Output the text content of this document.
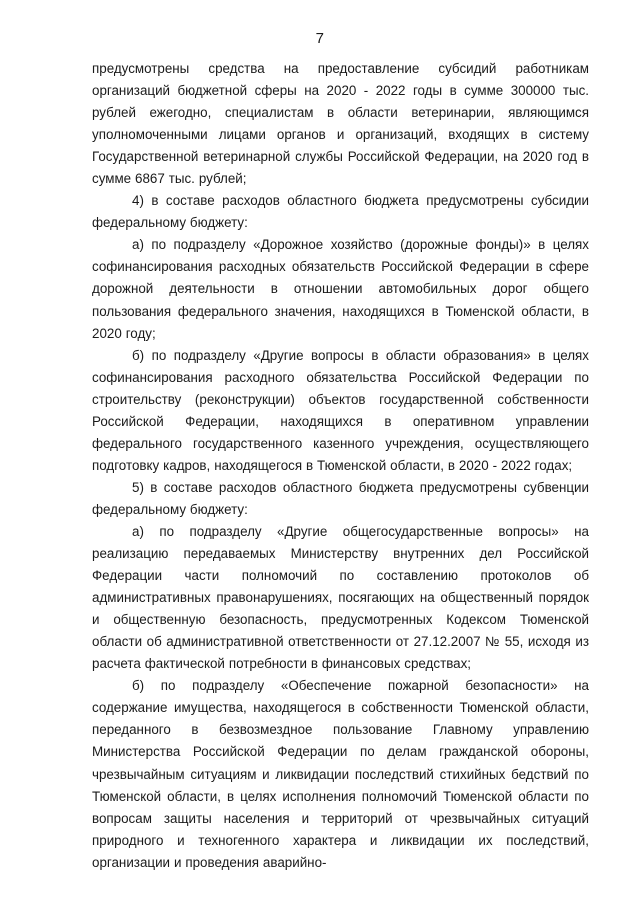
7

предусмотрены средства на предоставление субсидий работникам организаций бюджетной сферы на 2020 - 2022 годы в сумме 300000 тыс. рублей ежегодно, специалистам в области ветеринарии, являющимся уполномоченными лицами органов и организаций, входящих в систему Государственной ветеринарной службы Российской Федерации, на 2020 год в сумме 6867 тыс. рублей;

4) в составе расходов областного бюджета предусмотрены субсидии федеральному бюджету:

а) по подразделу «Дорожное хозяйство (дорожные фонды)» в целях софинансирования расходных обязательств Российской Федерации в сфере дорожной деятельности в отношении автомобильных дорог общего пользования федерального значения, находящихся в Тюменской области, в 2020 году;

б) по подразделу «Другие вопросы в области образования» в целях софинансирования расходного обязательства Российской Федерации по строительству (реконструкции) объектов государственной собственности Российской Федерации, находящихся в оперативном управлении федерального государственного казенного учреждения, осуществляющего подготовку кадров, находящегося в Тюменской области, в 2020 - 2022 годах;

5) в составе расходов областного бюджета предусмотрены субвенции федеральному бюджету:

а) по подразделу «Другие общегосударственные вопросы» на реализацию передаваемых Министерству внутренних дел Российской Федерации части полномочий по составлению протоколов об административных правонарушениях, посягающих на общественный порядок и общественную безопасность, предусмотренных Кодексом Тюменской области об административной ответственности от 27.12.2007 № 55, исходя из расчета фактической потребности в финансовых средствах;

б) по подразделу «Обеспечение пожарной безопасности» на содержание имущества, находящегося в собственности Тюменской области, переданного в безвозмездное пользование Главному управлению Министерства Российской Федерации по делам гражданской обороны, чрезвычайным ситуациям и ликвидации последствий стихийных бедствий по Тюменской области, в целях исполнения полномочий Тюменской области по вопросам защиты населения и территорий от чрезвычайных ситуаций природного и техногенного характера и ликвидации их последствий, организации и проведения аварийно-
